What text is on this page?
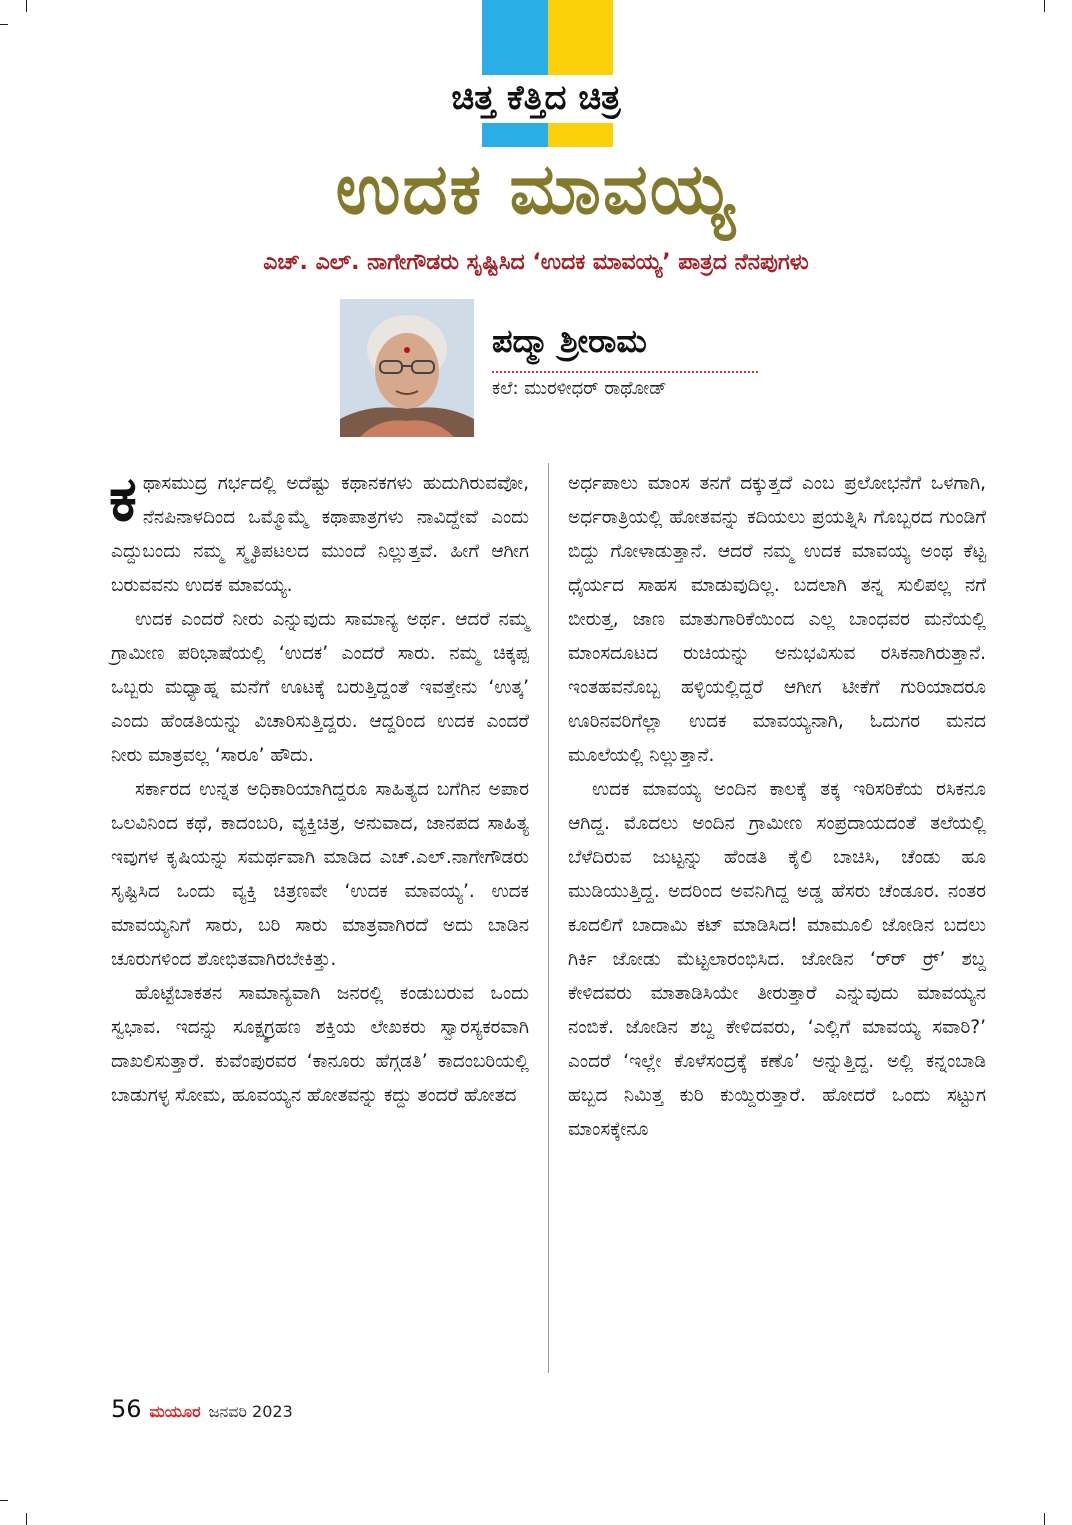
ಚಿತ್ತ ಕೆತ್ತಿದ ಚಿತ್ರ
ಉದಕ ಮಾವಯ್ಯ
ಎಚ್‌. ಎಲ್‌. ನಾಗೇಗೌಡರು ಸೃಷ್ಟಿಸಿದ ‘ಉದಕ ಮಾವಯ್ಯ’ ಪಾತ್ರದ ನೆನಪುಗಳು
ಪದ್ಮಾ ಶ್ರೀರಾಮ
ಕಲೆ: ಮುರಳೀಧರ್‌ ರಾಥೋಡ್‌

ಕಥಾಸಮುದ್ರ ಗರ್ಭದಲ್ಲಿ ಅದೆಷ್ಟು ಕಥಾನಕಗಳು ಹುದುಗಿರುವವೋ, ನೆನಪಿನಾಳದಿಂದ ಒಮ್ಮೊಮ್ಮೆ ಕಥಾಪಾತ್ರಗಳು ನಾವಿದ್ದೇವೆ ಎಂದು ಎದ್ದುಬಂದು ನಮ್ಮ ಸ್ಮೃತಿಪಟಲದ ಮುಂದೆ ನಿಲ್ಲುತ್ತವೆ. ಹೀಗೆ ಆಗೀಗ ಬರುವವನು ಉದಕ ಮಾವಯ್ಯ.

ಉದಕ ಎಂದರೆ ನೀರು ಎನ್ನುವುದು ಸಾಮಾನ್ಯ ಅರ್ಥ. ಆದರೆ ನಮ್ಮ ಗ್ರಾಮೀಣ ಪರಿಭಾಷೆಯಲ್ಲಿ ‘ಉದಕ’ ಎಂದರೆ ಸಾರು. ನಮ್ಮ ಚಿಕ್ಕಪ್ಪ ಒಬ್ಬರು ಮಧ್ಯಾಹ್ನ ಮನೆಗೆ ಊಟಕ್ಕೆ ಬರುತ್ತಿದ್ದಂತೆ ಇವತ್ತೇನು ‘ಉತ್ಕ’ ಎಂದು ಹೆಂಡತಿಯನ್ನು ವಿಚಾರಿಸುತ್ತಿದ್ದರು. ಆದ್ದರಿಂದ ಉದಕ ಎಂದರೆ ನೀರು ಮಾತ್ರವಲ್ಲ ‘ಸಾರೂ’ ಹೌದು.

ಸರ್ಕಾರದ ಉನ್ನತ ಅಧಿಕಾರಿಯಾಗಿದ್ದರೂ ಸಾಹಿತ್ಯದ ಬಗೆಗಿನ ಅಪಾರ ಒಲವಿನಿಂದ ಕಥೆ, ಕಾದಂಬರಿ, ವ್ಯಕ್ತಿಚಿತ್ರ, ಅನುವಾದ, ಜಾನಪದ ಸಾಹಿತ್ಯ ಇವುಗಳ ಕೃಷಿಯನ್ನು ಸಮರ್ಥವಾಗಿ ಮಾಡಿದ ಎಚ್‌.ಎಲ್‌.ನಾಗೇಗೌಡರು ಸೃಷ್ಟಿಸಿದ ಒಂದು ವ್ಯಕ್ತಿ ಚಿತ್ರಣವೇ ‘ಉದಕ ಮಾವಯ್ಯ’. ಉದಕ ಮಾವಯ್ಯನಿಗೆ ಸಾರು, ಬರಿ ಸಾರು ಮಾತ್ರವಾಗಿರದೆ ಅದು ಬಾಡಿನ ಚೂರುಗಳಿಂದ ಶೋಭಿತವಾಗಿರಬೇಕಿತ್ತು.

ಹೊಟ್ಟೆಬಾಕತನ ಸಾಮಾನ್ಯವಾಗಿ ಜನರಲ್ಲಿ ಕಂಡುಬರುವ ಒಂದು ಸ್ವಭಾವ. ಇದನ್ನು ಸೂಕ್ಷ್ಮಗ್ರಹಣ ಶಕ್ತಿಯ ಲೇಖಕರು ಸ್ವಾರಸ್ಯಕರವಾಗಿ ದಾಖಲಿಸುತ್ತಾರೆ. ಕುವೆಂಪುರವರ ‘ಕಾನೂರು ಹೆಗ್ಗಡತಿ’ ಕಾದಂಬರಿಯಲ್ಲಿ ಬಾಡುಗಳ್ಳ ಸೋಮ, ಹೂವಯ್ಯನ ಹೋತವನ್ನು ಕದ್ದು ತಂದರೆ ಹೋತದ

ಅರ್ಧಪಾಲು ಮಾಂಸ ತನಗೆ ದಕ್ಕುತ್ತದೆ ಎಂಬ ಪ್ರಲೋಭನೆಗೆ ಒಳಗಾಗಿ, ಅರ್ಧರಾತ್ರಿಯಲ್ಲಿ ಹೋತವನ್ನು ಕದಿಯಲು ಪ್ರಯತ್ನಿಸಿ ಗೊಬ್ಬರದ ಗುಂಡಿಗೆ ಬಿದ್ದು ಗೋಳಾಡುತ್ತಾನೆ. ಆದರೆ ನಮ್ಮ ಉದಕ ಮಾವಯ್ಯ ಅಂಥ ಕೆಟ್ಟ ಧೈರ್ಯದ ಸಾಹಸ ಮಾಡುವುದಿಲ್ಲ. ಬದಲಾಗಿ ತನ್ನ ಸುಲಿಪಲ್ಲ ನಗೆ ಬೀರುತ್ತ, ಜಾಣ ಮಾತುಗಾರಿಕೆಯಿಂದ ಎಲ್ಲ ಬಾಂಧವರ ಮನೆಯಲ್ಲಿ ಮಾಂಸದೂಟದ ರುಚಿಯನ್ನು ಅನುಭವಿಸುವ ರಸಿಕನಾಗಿರುತ್ತಾನೆ. ಇಂತಹವನೊಬ್ಬ ಹಳ್ಳಿಯಲ್ಲಿದ್ದರೆ ಆಗೀಗ ಟೀಕೆಗೆ ಗುರಿಯಾದರೂ ಊರಿನವರಿಗೆಲ್ಲಾ ಉದಕ ಮಾವಯ್ಯನಾಗಿ, ಓದುಗರ ಮನದ ಮೂಲೆಯಲ್ಲಿ ನಿಲ್ಲುತ್ತಾನೆ.

ಉದಕ ಮಾವಯ್ಯ ಅಂದಿನ ಕಾಲಕ್ಕೆ ತಕ್ಕ ಇರಿಸರಿಕೆಯ ರಸಿಕನೂ ಆಗಿದ್ದ. ಮೊದಲು ಅಂದಿನ ಗ್ರಾಮೀಣ ಸಂಪ್ರದಾಯದಂತೆ ತಲೆಯಲ್ಲಿ ಬೆಳೆದಿರುವ ಜುಟ್ಟನ್ನು ಹೆಂಡತಿ ಕೈಲಿ ಬಾಚಿಸಿ, ಚೆಂಡು ಹೂ ಮುಡಿಯುತ್ತಿದ್ದ. ಅದರಿಂದ ಅವನಿಗಿದ್ದ ಅಡ್ಡ ಹೆಸರು ಚೆಂಡೂರ. ನಂತರ ಕೂದಲಿಗೆ ಬಾದಾಮಿ ಕಟ್‌ ಮಾಡಿಸಿದ! ಮಾಮೂಲಿ ಜೋಡಿನ ಬದಲು ಗಿರ್ಕಿ ಜೋಡು ಮೆಟ್ಟಲಾರಂಭಿಸಿದ. ಜೋಡಿನ ‘ರ್‍ರ್‍ ರ್‍ರ್’ ಶಬ್ದ ಕೇಳಿದವರು ಮಾತಾಡಿಸಿಯೇ ತೀರುತ್ತಾರೆ ಎನ್ನುವುದು ಮಾವಯ್ಯನ ನಂಬಿಕೆ. ಜೋಡಿನ ಶಬ್ದ ಕೇಳಿದವರು, ‘ಎಲ್ಲಿಗೆ ಮಾವಯ್ಯ ಸವಾರಿ?’ ಎಂದರೆ ‘ಇಲ್ಲೇ ಕೊಳೆಸಂದ್ರಕ್ಕೆ ಕಣೊ’ ಅನ್ನುತ್ತಿದ್ದ. ಅಲ್ಲಿ ಕನ್ನಂಬಾಡಿ ಹಬ್ಬದ ನಿಮಿತ್ತ ಕುರಿ ಕುಯ್ದಿರುತ್ತಾರೆ. ಹೋದರೆ ಒಂದು ಸಟ್ಟುಗ ಮಾಂಸಕ್ಕೇನೂ

56 ಮಯೂರ ಜನವರಿ 2023
